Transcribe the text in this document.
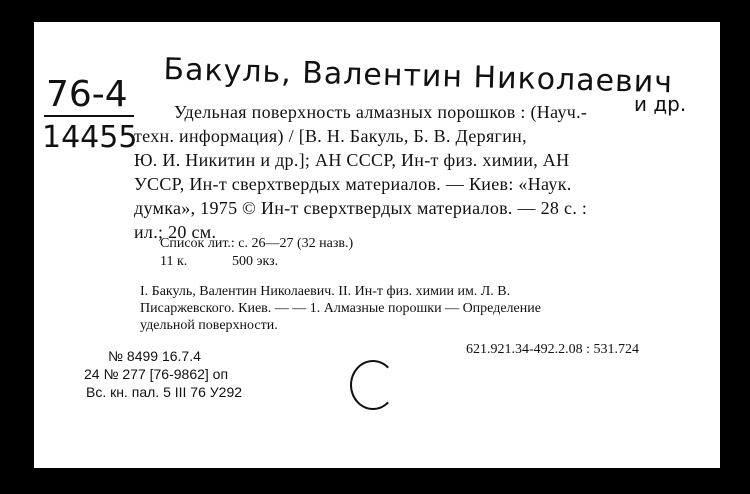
Бакуль, Валентин Николаевич
и др.
76-4
14455
Удельная поверхность алмазных порошков : (Науч.-
техн. информация) / [В. Н. Бакуль, Б. В. Дерягин,
Ю. И. Никитин и др.]; АН СССР, Ин-т физ. химии, АН
УССР, Ин-т сверхтвердых материалов. — Киев: «Наук.
думка», 1975 © Ин-т сверхтвердых материалов. — 28 с. :
ил.; 20 см.
Список лит.: с. 26—27 (32 назв.)
11 к.	500 экз.
I. Бакуль, Валентин Николаевич. II. Ин-т физ. химии им. Л. В.
Писаржевского. Киев. — — 1. Алмазные порошки — Определение
удельной поверхности.
621.921.34-492.2.08 : 531.724
№ 8499 16.7.4
24 № 277 [76-9862] оп
Вс. кн. пал. 5 III 76 У292
